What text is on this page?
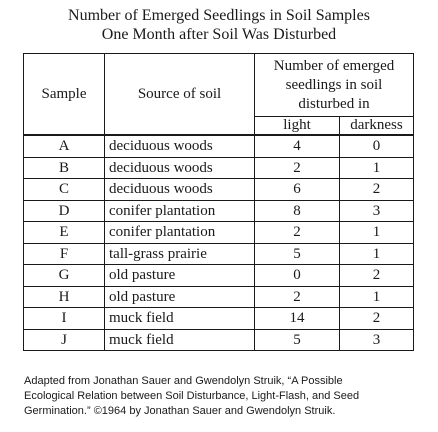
Number of Emerged Seedlings in Soil Samples
One Month after Soil Was Disturbed
Sample	Source of soil	Number of emerged
seedlings in soil
disturbed in	

		light	darkness
A	deciduous woods	4	0
B	deciduous woods	2	1
C	deciduous woods	6	2
D	conifer plantation	8	3
E	conifer plantation	2	1
F	tall-grass prairie	5	1
G	old pasture	0	2
H	old pasture	2	1
I	muck field	14	2
J	muck field	5	3
Adapted from Jonathan Sauer and Gwendolyn Struik, “A Possible
Ecological Relation between Soil Disturbance, Light-Flash, and Seed
Germination.” ©1964 by Jonathan Sauer and Gwendolyn Struik.
